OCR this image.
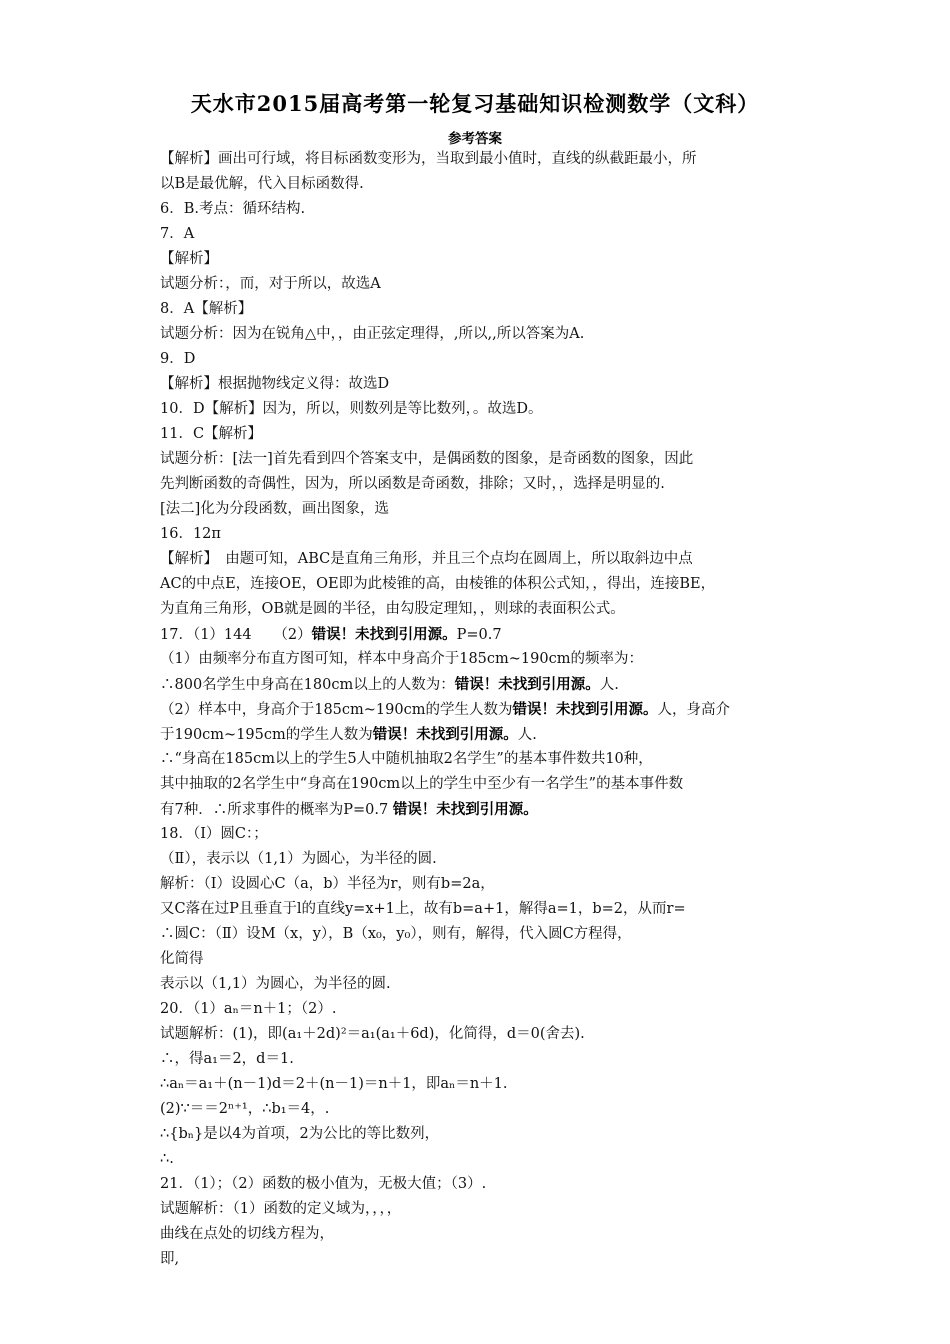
天水市2015届高考第一轮复习基础知识检测数学（文科）
参考答案
【解析】画出可行域，将目标函数变形为，当取到最小值时，直线的纵截距最小，所
以B是最优解，代入目标函数得.
6．B.考点：循环结构.
7．A
【解析】
试题分析：，而，对于所以，故选A
8．A【解析】
试题分析：因为在锐角△中，，由正弦定理得，,所以,,所以答案为A.
9．D
【解析】根据抛物线定义得：故选D
10．D【解析】因为，所以，则数列是等比数列，。故选D。
11．C【解析】
试题分析：[法一]首先看到四个答案支中，是偶函数的图象，是奇函数的图象，因此
先判断函数的奇偶性，因为，所以函数是奇函数，排除；又时，，选择是明显的.
[法二]化为分段函数，画出图象，选
16．12π
【解析】　由题可知，ABC是直角三角形，并且三个点均在圆周上，所以取斜边中点
AC的中点E，连接OE，OE即为此棱锥的高，由棱锥的体积公式知，，得出，连接BE，
为直角三角形，OB就是圆的半径，由勾股定理知，，则球的表面积公式。
17．（1）144　　（2）错误！未找到引用源。P=0.7
（1）由频率分布直方图可知，样本中身高介于185cm~190cm的频率为：
∴800名学生中身高在180cm以上的人数为：错误！未找到引用源。人.
（2）样本中，身高介于185cm~190cm的学生人数为错误！未找到引用源。人，身高介
于190cm~195cm的学生人数为错误！未找到引用源。人.
∴“身高在185cm以上的学生5人中随机抽取2名学生”的基本事件数共10种，
其中抽取的2名学生中“身高在190cm以上的学生中至少有一名学生”的基本事件数
有7种．∴所求事件的概率为P=0.7 错误！未找到引用源。
18．（Ⅰ）圆C：；
（Ⅱ），表示以（1,1）为圆心，为半径的圆.
解析：（Ⅰ）设圆心C（a，b）半径为r，则有b=2a，
又C落在过P且垂直于l的直线y=x+1上，故有b=a+1，解得a=1，b=2，从而r=
∴圆C：（Ⅱ）设M（x，y），B（x₀，y₀），则有，解得，代入圆C方程得，
化简得
表示以（1,1）为圆心，为半径的圆.
20．（1）aₙ＝n＋1；（2）.
试题解析：(1)，即(a₁＋2d)²＝a₁(a₁＋6d)，化简得，d＝0(舍去).
∴，得a₁＝2，d＝1.
∴aₙ＝a₁＋(n－1)d＝2＋(n－1)＝n＋1，即aₙ＝n＋1.
(2)∵＝＝2ⁿ⁺¹，∴b₁＝4，.
∴{bₙ}是以4为首项，2为公比的等比数列，
∴.
21．（1）；（2）函数的极小值为，无极大值；（3）.
试题解析：（1）函数的定义域为，，，，
曲线在点处的切线方程为，
即,
